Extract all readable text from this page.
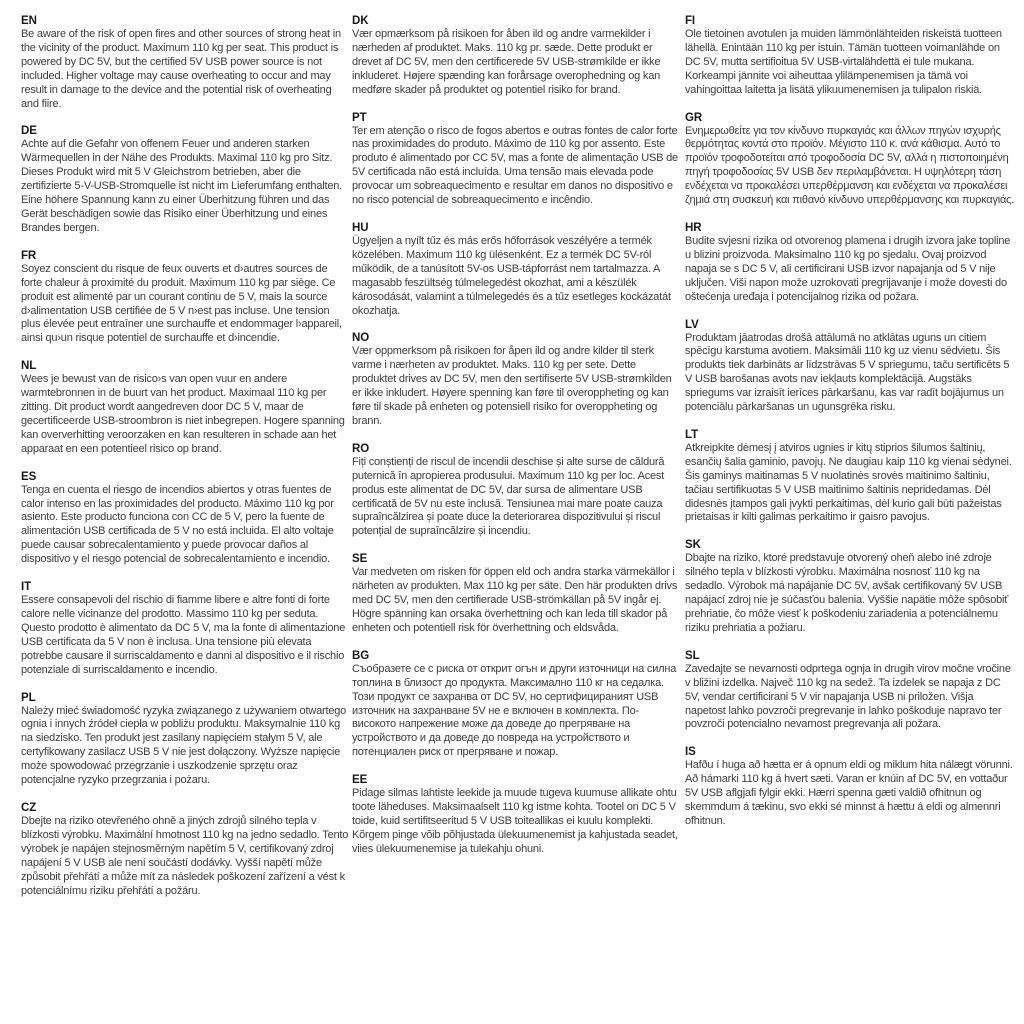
EN
Be aware of the risk of open fires and other sources of strong heat in the vicinity of the product. Maximum 110 kg per seat. This product is powered by DC 5V, but the certified 5V USB power source is not included. Higher voltage may cause overheating to occur and may result in damage to the device and the potential risk of overheating and fiire.
DE
Achte auf die Gefahr von offenem Feuer und anderen starken Wärmequellen in der Nähe des Produkts. Maximal 110 kg pro Sitz. Dieses Produkt wird mit 5 V Gleichstrom betrieben, aber die zertifizierte 5-V-USB-Stromquelle ist nicht im Lieferumfang enthalten. Eine höhere Spannung kann zu einer Überhitzung führen und das Gerät beschädigen sowie das Risiko einer Überhitzung und eines Brandes bergen.
FR
Soyez conscient du risque de feux ouverts et d›autres sources de forte chaleur à proximité du produit. Maximum 110 kg par siège. Ce produit est alimenté par un courant continu de 5 V, mais la source d›alimentation USB certifiée de 5 V n›est pas incluse. Une tension plus élevée peut entraîner une surchauffe et endommager l›appareil, ainsi qu›un risque potentiel de surchauffe et d›incendie.
NL
Wees je bewust van de risico›s van open vuur en andere warmtebronnen in de buurt van het product. Maximaal 110 kg per zitting. Dit product wordt aangedreven door DC 5 V, maar de gecertificeerde USB-stroombron is niet inbegrepen. Hogere spanning kan oververhitting veroorzaken en kan resulteren in schade aan het apparaat en een potentieel risico op brand.
ES
Tenga en cuenta el riesgo de incendios abiertos y otras fuentes de calor intenso en las proximidades del producto. Máximo 110 kg por asiento. Este producto funciona con CC de 5 V, pero la fuente de alimentación USB certificada de 5 V no está incluida. El alto voltaje puede causar sobrecalentamiento y puede provocar daños al dispositivo y el riesgo potencial de sobrecalentamiento e incendio.
IT
Essere consapevoli del rischio di fiamme libere e altre fonti di forte calore nelle vicinanze del prodotto. Massimo 110 kg per seduta. Questo prodotto è alimentato da DC 5 V, ma la fonte di alimentazione USB certificata da 5 V non è inclusa. Una tensione più elevata potrebbe causare il surriscaldamento e danni al dispositivo e il rischio potenziale di surriscaldamento e incendio.
PL
Należy mieć świadomość ryzyka związanego z używaniem otwartego ognia i innych źródeł ciepła w pobliżu produktu. Maksymalnie 110 kg na siedzisko. Ten produkt jest zasilany napięciem stałym 5 V, ale certyfikowany zasilacz USB 5 V nie jest dołączony. Wyższe napięcie może spowodować przegrzanie i uszkodzenie sprzętu oraz potencjalne ryzyko przegrzania i pożaru.
CZ
Dbejte na riziko otevřeného ohně a jiných zdrojů silného tepla v blízkosti výrobku. Maximální hmotnost 110 kg na jedno sedadlo. Tento výrobek je napájen stejnosměrným napětím 5 V, certifikovaný zdroj napájení 5 V USB ale není součástí dodávky. Vyšší napětí může způsobit přehřátí a může mít za následek poškození zařízení a vést k potenciálnímu riziku přehřátí a požáru.
DK
Vær opmærksom på risikoen for åben ild og andre varmekilder i nærheden af produktet. Maks. 110 kg pr. sæde. Dette produkt er drevet af DC 5V, men den certificerede 5V USB-strømkilde er ikke inkluderet. Højere spænding kan forårsage overophedning og kan medføre skader på produktet og potentiel risiko for brand.
PT
Ter em atenção o risco de fogos abertos e outras fontes de calor forte nas proximidades do produto. Máximo de 110 kg por assento. Este produto é alimentado por CC 5V, mas a fonte de alimentação USB de 5V certificada não está incluída. Uma tensão mais elevada pode provocar um sobreaquecimento e resultar em danos no dispositivo e no risco potencial de sobreaquecimento e incêndio.
HU
Ügyeljen a nyílt tűz és más erős hőforrások veszélyére a termék közelében. Maximum 110 kg ülésenként. Ez a termék DC 5V-ról működik, de a tanúsított 5V-os USB-tápforrást nem tartalmazza. A magasabb feszültség túlmelegedést okozhat, ami a készülék károsodását, valamint a túlmelegedés és a tűz esetleges kockázatát okozhatja.
NO
Vær oppmerksom på risikoen for åpen ild og andre kilder til sterk varme i nærheten av produktet. Maks. 110 kg per sete. Dette produktet drives av DC 5V, men den sertifiserte 5V USB-strømkilden er ikke inkludert. Høyere spenning kan føre til overoppheting og kan føre til skade på enheten og potensiell risiko for overoppheting og brann.
RO
Fiți conștienți de riscul de incendii deschise și alte surse de căldură puternică în apropierea produsului. Maximum 110 kg per loc. Acest produs este alimentat de DC 5V, dar sursa de alimentare USB certificată de 5V nu este inclusă. Tensiunea mai mare poate cauza supraîncălzirea și poate duce la deteriorarea dispozitivului și riscul potențial de supraîncălzire și incendiu.
SE
Var medveten om risken för öppen eld och andra starka värmekällor i närheten av produkten. Max 110 kg per säte. Den här produkten drivs med DC 5V, men den certifierade USB-strömkällan på 5V ingår ej. Högre spänning kan orsaka överhettning och kan leda till skador på enheten och potentiell risk för överhettning och eldsvåda.
BG
Съобразете се с риска от открит огън и други източници на силна топлина в близост до продукта. Максимално 110 кг на седалка. Този продукт се захранва от DC 5V, но сертифицираният USB източник на захранване 5V не е включен в комплекта. По-високото напрежение може да доведе до прегряване на устройството и да доведе до повреда на устройството и потенциален риск от прегряване и пожар.
EE
Pidage silmas lahtiste leekide ja muude tugeva kuumuse allikate ohtu toote läheduses. Maksimaalselt 110 kg istme kohta. Tootel on DC 5 V toide, kuid sertifitseeritud 5 V USB toiteallikas ei kuulu komplekti. Kõrgem pinge võib põhjustada ülekuumenemist ja kahjustada seadet, viies ülekuumenemise ja tulekahju ohuni.
FI
Ole tietoinen avotulen ja muiden lämmönlähteiden riskeistä tuotteen lähellä. Enintään 110 kg per istuin. Tämän tuotteen voimanlähde on DC 5V, mutta sertifioitua 5V USB-virtalähdettä ei tule mukana. Korkeampi jännite voi aiheuttaa ylilämpenemisen ja tämä voi vahingoittaa laitetta ja lisätä ylikuumenemisen ja tulipalon riskiä.
GR
Ενημερωθείτε για τον κίνδυνο πυρκαγιάς και άλλων πηγών ισχυρής θερμότητας κοντά στο προϊόν. Μέγιστο 110 κ. ανά κάθισμα. Αυτό το προϊόν τροφοδοτείται από τροφοδοσία DC 5V, αλλά η πιστοποιημένη πηγή τροφοδοσίας 5V USB δεν περιλαμβάνεται. Η υψηλότερη τάση ενδέχεται να προκαλέσει υπερθέρμανση και ενδέχεται να προκαλέσει ζημιά στη συσκευή και πιθανό κίνδυνο υπερθέρμανσης και πυρκαγιάς.
HR
Budite svjesni rizika od otvorenog plamena i drugih izvora jake topline u blizini proizvoda. Maksimalno 110 kg po sjedalu. Ovaj proizvod napaja se s DC 5 V, ali certificirani USB izvor napajanja od 5 V nije uključen. Viši napon može uzrokovati pregrijavanje i može dovesti do oštećenja uređaja i potencijalnog rizika od požara.
LV
Produktam jāatrodas drošā attālumā no atklātas uguns un citiem spēcīgu karstuma avotiem. Maksimāli 110 kg uz vienu sēdvietu. Šis produkts tiek darbināts ar līdzstrāvas 5 V spriegumu, taču sertificēts 5 V USB barošanas avots nav iekļauts komplektācijā. Augstāks spriegums var izraisīt ierīces pārkaršanu, kas var radīt bojājumus un potenciālu pārkaršanas un ugunsgrēka risku.
LT
Atkreipkite dėmesį į atviros ugnies ir kitų stiprios šilumos šaltinių, esančių šalia gaminio, pavojų. Ne daugiau kaip 110 kg vienai sėdynei. Šis gaminys maitinamas 5 V nuolatinės srovės maitinimo šaltiniu, tačiau sertifikuotas 5 V USB maitinimo šaltinis nepridedamas. Dėl didesnės įtampos gali įvykti perkaitimas, dėl kurio gali būti pažeistas prietaisas ir kilti galimas perkaitimo ir gaisro pavojus.
SK
Dbajte na riziko, ktoré predstavuje otvorený oheň alebo iné zdroje silného tepla v blízkosti výrobku. Maximálna nosnosť 110 kg na sedadlo. Výrobok má napájanie DC 5V, avšak certifikovaný 5V USB napájací zdroj nie je súčasťou balenia. Vyššie napätie môže spôsobiť prehriatie, čo môže viesť k poškodeniu zariadenia a potenciálnemu riziku prehriatia a požiaru.
SL
Zavedajte se nevarnosti odprtega ognja in drugih virov močne vročine v bližini izdelka. Največ 110 kg na sedež. Ta izdelek se napaja z DC 5V, vendar certificirani 5 V vir napajanja USB ni priložen. Višja napetost lahko povzroči pregrevanje in lahko poškoduje napravo ter povzroči potencialno nevarnost pregrevanja ali požara.
IS
Hafðu í huga að hætta er á opnum eldi og miklum hita nálægt vörunni. Að hámarki 110 kg á hvert sæti. Varan er knúin af DC 5V, en vottaður 5V USB aflgjafi fylgir ekki. Hærri spenna gæti valdið ofhitnun og skemmdum á tækinu, svo ekki sé minnst á hættu á eldi og almennri ofhitnun.
